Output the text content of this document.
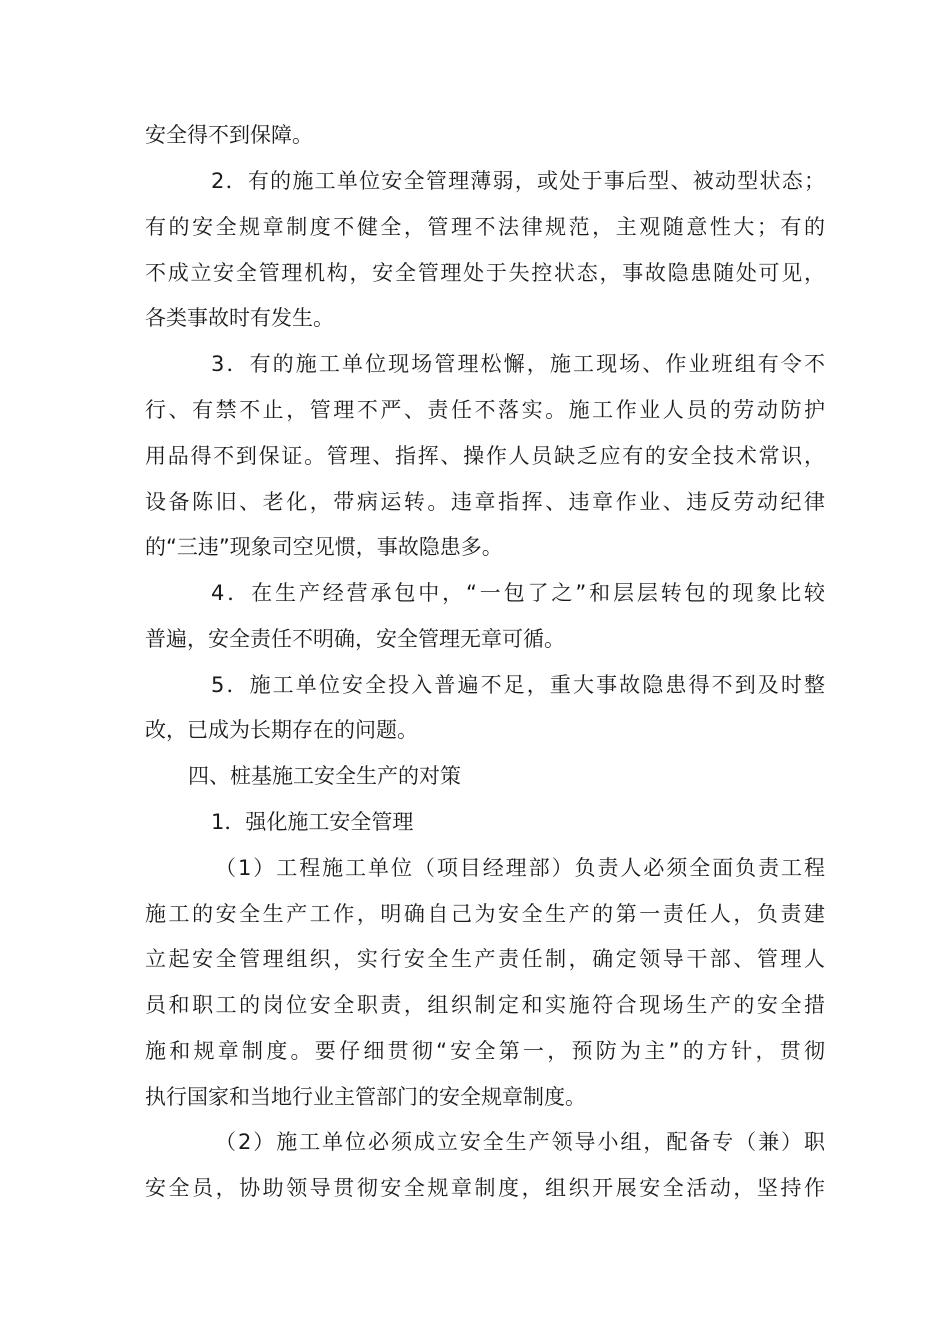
安全得不到保障。
2．有的施工单位安全管理薄弱，或处于事后型、被动型状态；
有的安全规章制度不健全，管理不法律规范，主观随意性大；有的
不成立安全管理机构，安全管理处于失控状态，事故隐患随处可见，
各类事故时有发生。
3．有的施工单位现场管理松懈，施工现场、作业班组有令不
行、有禁不止，管理不严、责任不落实。施工作业人员的劳动防护
用品得不到保证。管理、指挥、操作人员缺乏应有的安全技术常识，
设备陈旧、老化，带病运转。违章指挥、违章作业、违反劳动纪律
的“三违”现象司空见惯，事故隐患多。
4．在生产经营承包中，“一包了之”和层层转包的现象比较
普遍，安全责任不明确，安全管理无章可循。
5．施工单位安全投入普遍不足，重大事故隐患得不到及时整
改，已成为长期存在的问题。
四、桩基施工安全生产的对策
1．强化施工安全管理
（1）工程施工单位（项目经理部）负责人必须全面负责工程
施工的安全生产工作，明确自己为安全生产的第一责任人，负责建
立起安全管理组织，实行安全生产责任制，确定领导干部、管理人
员和职工的岗位安全职责，组织制定和实施符合现场生产的安全措
施和规章制度。要仔细贯彻“安全第一，预防为主”的方针，贯彻
执行国家和当地行业主管部门的安全规章制度。
（2）施工单位必须成立安全生产领导小组，配备专（兼）职
安全员，协助领导贯彻安全规章制度，组织开展安全活动，坚持作
